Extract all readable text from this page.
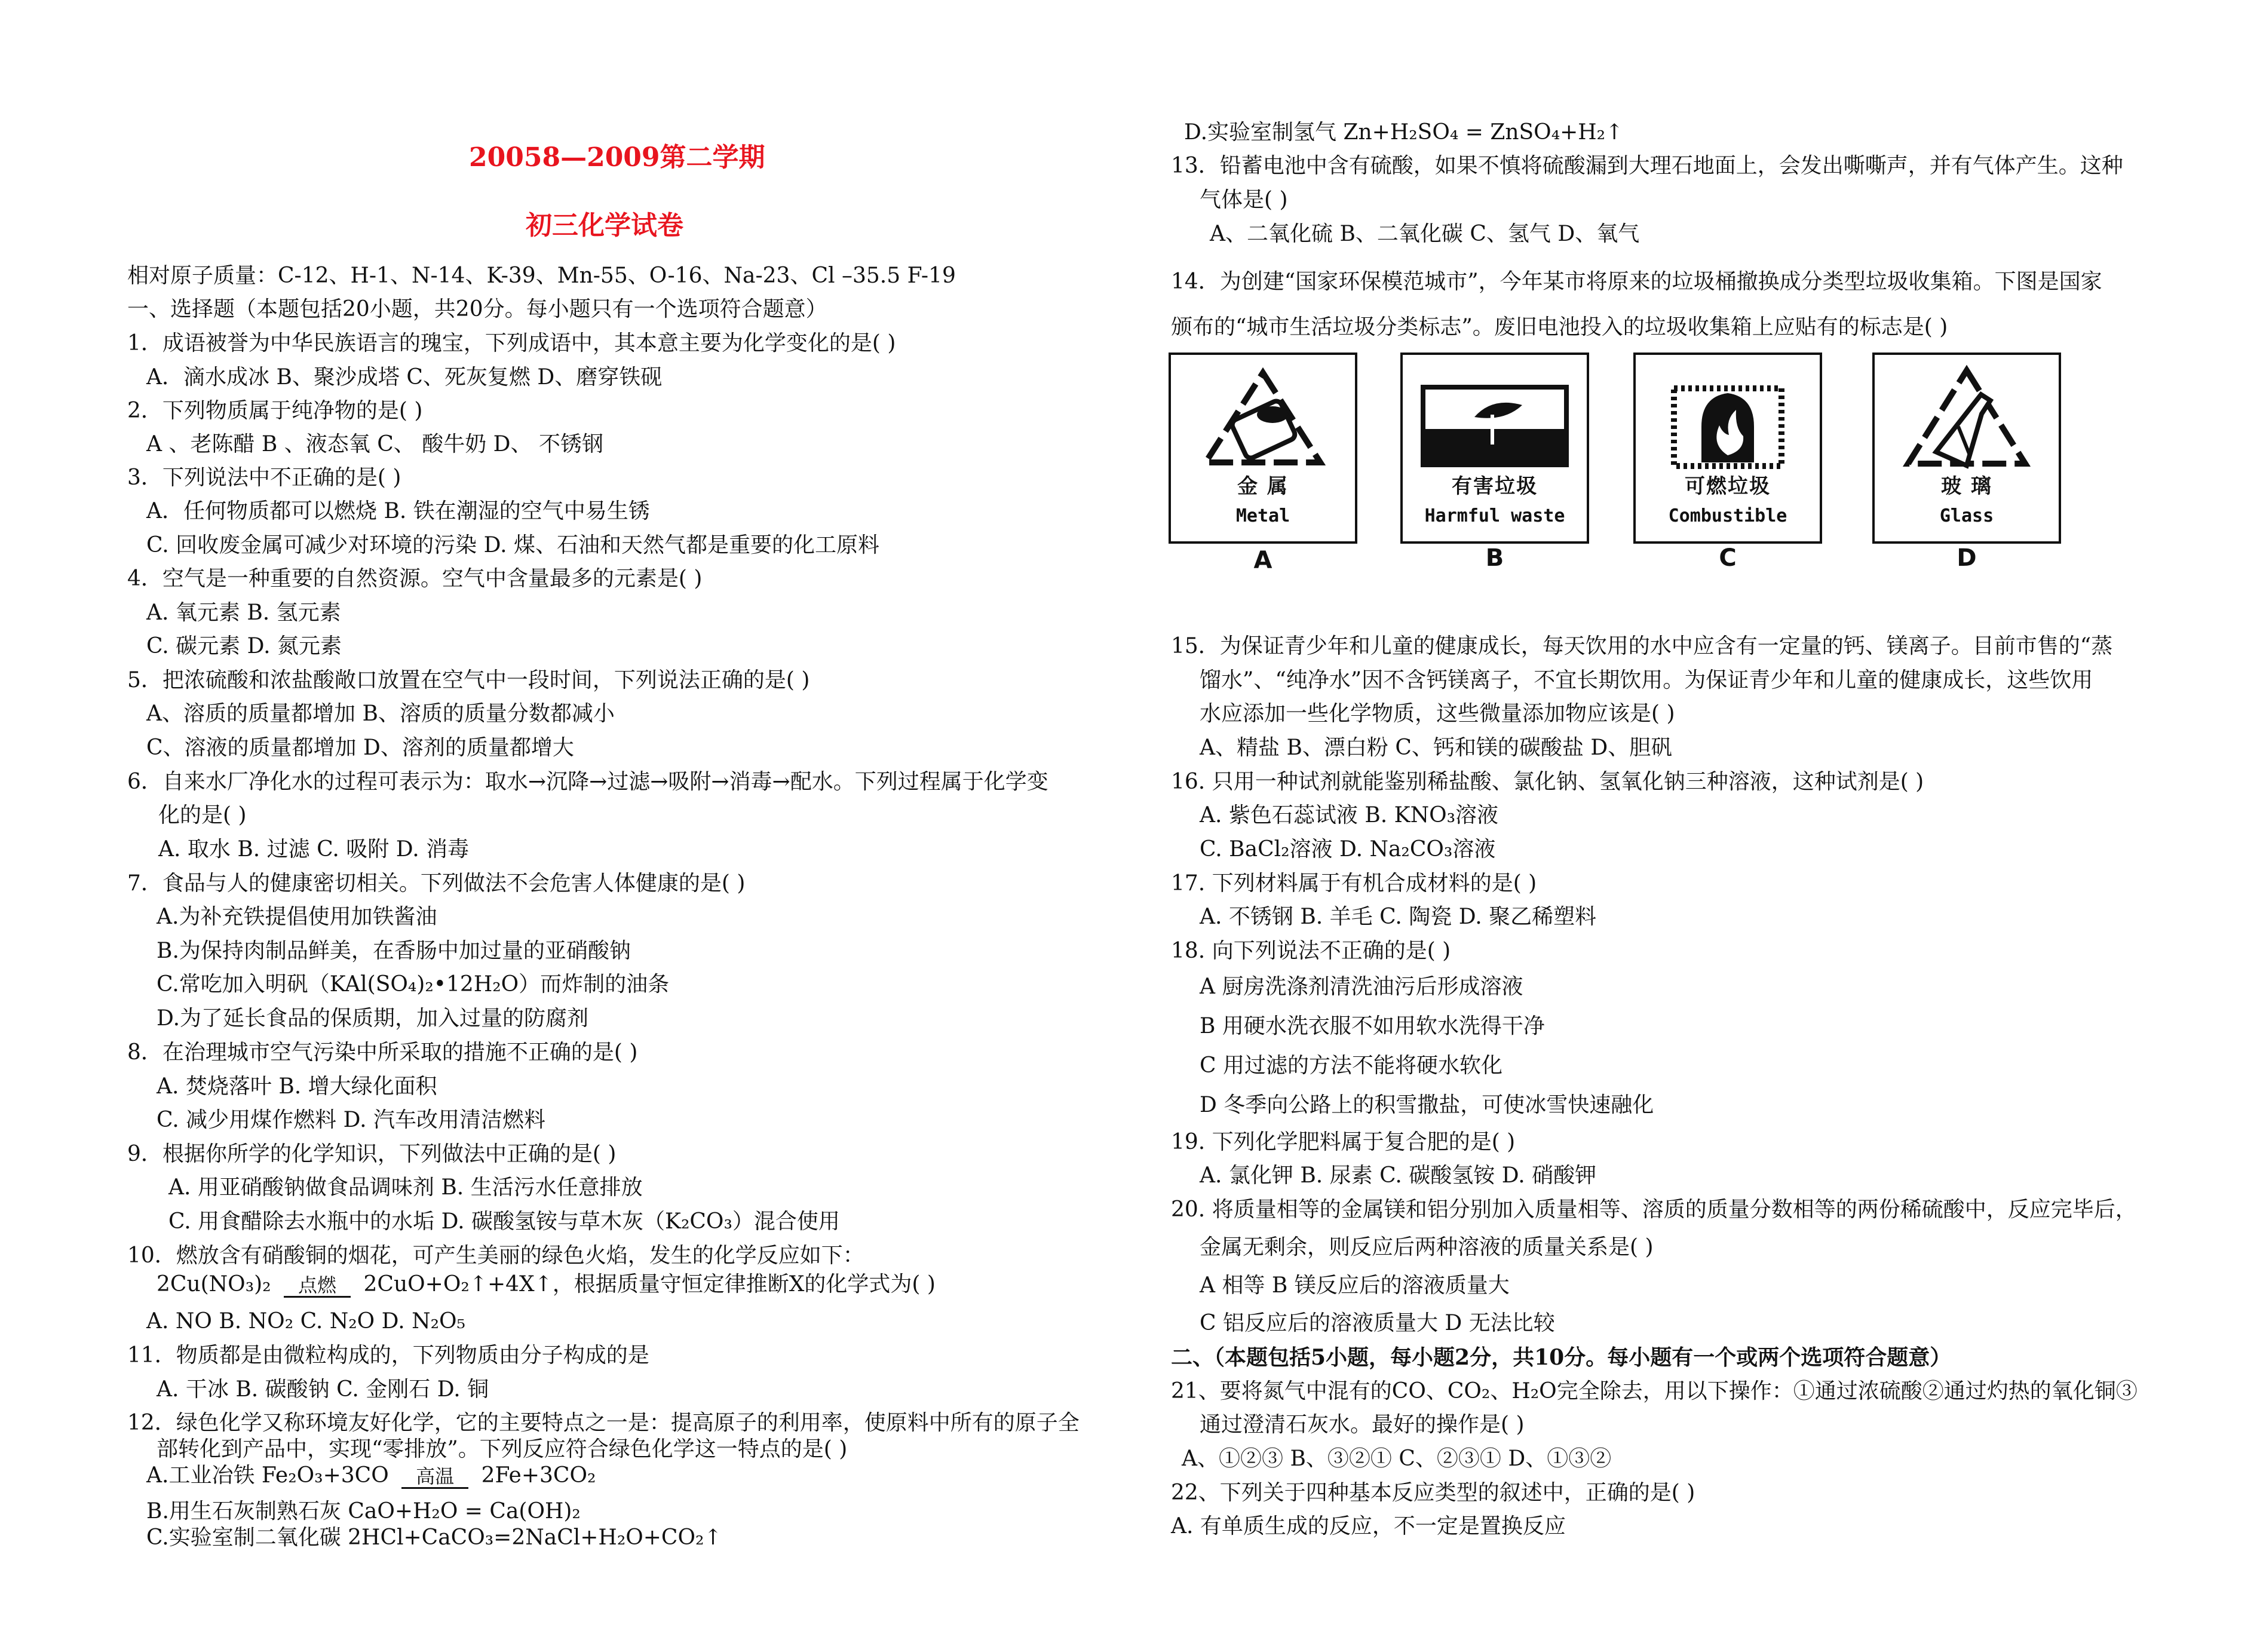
20058—2009第二学期
初三化学试卷
相对原子质量：C-12、H-1、N-14、K-39、Mn-55、O-16、Na-23、Cl –35.5 F-19
一、选择题（本题包括20小题，共20分。每小题只有一个选项符合题意）
1．成语被誉为中华民族语言的瑰宝，下列成语中，其本意主要为化学变化的是( )
A．滴水成冰 B、聚沙成塔 C、死灰复燃 D、磨穿铁砚
2．下列物质属于纯净物的是( )
A 、老陈醋 B 、液态氧 C、 酸牛奶 D、 不锈钢
3．下列说法中不正确的是( )
A．任何物质都可以燃烧 B. 铁在潮湿的空气中易生锈
C. 回收废金属可减少对环境的污染 D. 煤、石油和天然气都是重要的化工原料
4．空气是一种重要的自然资源。空气中含量最多的元素是( )
A. 氧元素 B. 氢元素
C. 碳元素 D. 氮元素
5．把浓硫酸和浓盐酸敞口放置在空气中一段时间，下列说法正确的是( )
A、溶质的质量都增加 B、溶质的质量分数都减小
C、溶液的质量都增加 D、溶剂的质量都增大
6．自来水厂净化水的过程可表示为：取水→沉降→过滤→吸附→消毒→配水。下列过程属于化学变
化的是( )
A. 取水 B. 过滤 C. 吸附 D. 消毒
7．食品与人的健康密切相关。下列做法不会危害人体健康的是( )
A.为补充铁提倡使用加铁酱油
B.为保持肉制品鲜美，在香肠中加过量的亚硝酸钠
C.常吃加入明矾（KAl(SO₄)₂•12H₂O）而炸制的油条
D.为了延长食品的保质期，加入过量的防腐剂
8．在治理城市空气污染中所采取的措施不正确的是( )
A. 焚烧落叶 B. 增大绿化面积
C. 减少用煤作燃料 D. 汽车改用清洁燃料
9．根据你所学的化学知识，下列做法中正确的是( )
A. 用亚硝酸钠做食品调味剂 B. 生活污水任意排放
C. 用食醋除去水瓶中的水垢 D. 碳酸氢铵与草木灰（K₂CO₃）混合使用
10．燃放含有硝酸铜的烟花，可产生美丽的绿色火焰，发生的化学反应如下：
2Cu(NO₃)₂	点燃	2CuO+O₂↑+4X↑，根据质量守恒定律推断X的化学式为( )
A. NO B. NO₂ C. N₂O D. N₂O₅
11．物质都是由微粒构成的，下列物质由分子构成的是
A. 干冰 B. 碳酸钠 C. 金刚石 D. 铜
12．绿色化学又称环境友好化学，它的主要特点之一是：提高原子的利用率，使原料中所有的原子全
部转化到产品中，实现“零排放”。下列反应符合绿色化学这一特点的是( )
A.工业冶铁 Fe₂O₃+3CO	高温	2Fe+3CO₂
B.用生石灰制熟石灰 CaO+H₂O = Ca(OH)₂
C.实验室制二氧化碳 2HCl+CaCO₃=2NaCl+H₂O+CO₂↑
D.实验室制氢气 Zn+H₂SO₄ = ZnSO₄+H₂↑
13．铅蓄电池中含有硫酸，如果不慎将硫酸漏到大理石地面上，会发出嘶嘶声，并有气体产生。这种
气体是( )
A、二氧化硫 B、二氧化碳 C、氢气 D、氧气
14．为创建“国家环保模范城市”，今年某市将原来的垃圾桶撤换成分类型垃圾收集箱。下图是国家
颁布的“城市生活垃圾分类标志”。废旧电池投入的垃圾收集箱上应贴有的标志是( )
金 属
Metal
A
有害垃圾
Harmful waste
B
可燃垃圾
Combustible
C
玻 璃
Glass
D
15．为保证青少年和儿童的健康成长，每天饮用的水中应含有一定量的钙、镁离子。目前市售的“蒸
馏水”、“纯净水”因不含钙镁离子，不宜长期饮用。为保证青少年和儿童的健康成长，这些饮用
水应添加一些化学物质，这些微量添加物应该是( )
A、精盐 B、漂白粉 C、钙和镁的碳酸盐 D、胆矾
16. 只用一种试剂就能鉴别稀盐酸、氯化钠、氢氧化钠三种溶液，这种试剂是( )
A. 紫色石蕊试液 B. KNO₃溶液
C. BaCl₂溶液 D. Na₂CO₃溶液
17. 下列材料属于有机合成材料的是( )
A. 不锈钢 B. 羊毛 C. 陶瓷 D. 聚乙稀塑料
18. 向下列说法不正确的是( )
A 厨房洗涤剂清洗油污后形成溶液
B 用硬水洗衣服不如用软水洗得干净
C 用过滤的方法不能将硬水软化
D 冬季向公路上的积雪撒盐，可使冰雪快速融化
19. 下列化学肥料属于复合肥的是( )
A. 氯化钾 B. 尿素 C. 碳酸氢铵 D. 硝酸钾
20. 将质量相等的金属镁和铝分别加入质量相等、溶质的质量分数相等的两份稀硫酸中，反应完毕后，
金属无剩余，则反应后两种溶液的质量关系是( )
A 相等 B 镁反应后的溶液质量大
C 铝反应后的溶液质量大 D 无法比较
二、（本题包括5小题，每小题2分，共10分。每小题有一个或两个选项符合题意）
21、要将氮气中混有的CO、CO₂、H₂O完全除去，用以下操作：①通过浓硫酸②通过灼热的氧化铜③
通过澄清石灰水。最好的操作是( )
A、①②③ B、③②① C、②③① D、①③②
22、下列关于四种基本反应类型的叙述中，正确的是( )
A. 有单质生成的反应，不一定是置换反应
